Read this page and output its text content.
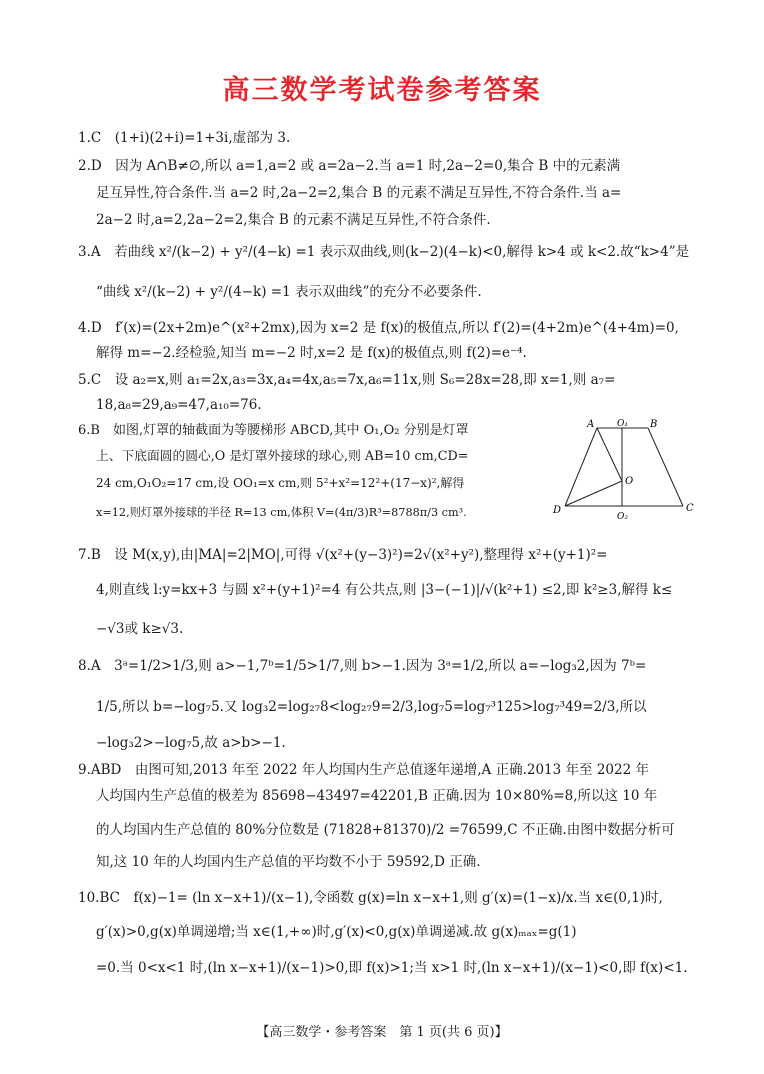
高三数学考试卷参考答案
1.C　(1+i)(2+i)=1+3i,虚部为 3.
2.D　因为 A∩B≠∅,所以 a=1,a=2 或 a=2a−2.当 a=1 时,2a−2=0,集合 B 中的元素满
足互异性,符合条件.当 a=2 时,2a−2=2,集合 B 的元素不满足互异性,不符合条件.当 a=
2a−2 时,a=2,2a−2=2,集合 B 的元素不满足互异性,不符合条件.
3.A　若曲线 x²/(k−2) + y²/(4−k) =1 表示双曲线,则(k−2)(4−k)<0,解得 k>4 或 k<2.故“k>4”是
“曲线 x²/(k−2) + y²/(4−k) =1 表示双曲线”的充分不必要条件.
4.D　f′(x)=(2x+2m)e^(x²+2mx),因为 x=2 是 f(x)的极值点,所以 f′(2)=(4+2m)e^(4+4m)=0,
解得 m=−2.经检验,知当 m=−2 时,x=2 是 f(x)的极值点,则 f(2)=e⁻⁴.
5.C　设 a₂=x,则 a₁=2x,a₃=3x,a₄=4x,a₅=7x,a₆=11x,则 S₆=28x=28,即 x=1,则 a₇=
18,a₈=29,a₉=47,a₁₀=76.
6.B　如图,灯罩的轴截面为等腰梯形 ABCD,其中 O₁,O₂ 分别是灯罩
上、下底面圆的圆心,O 是灯罩外接球的球心,则 AB=10 cm,CD=
24 cm,O₁O₂=17 cm,设 OO₁=x cm,则 5²+x²=12²+(17−x)²,解得
x=12,则灯罩外接球的半径 R=13 cm,体积 V=(4π/3)R³=8788π/3 cm³.
A	O₁ B
O
D
O₂
C
7.B　设 M(x,y),由|MA|=2|MO|,可得 √(x²+(y−3)²)=2√(x²+y²),整理得 x²+(y+1)²=
4,则直线 l:y=kx+3 与圆 x²+(y+1)²=4 有公共点,则 |3−(−1)|/√(k²+1) ≤2,即 k²≥3,解得 k≤
−√3或 k≥√3.
8.A　3ᵃ=1/2>1/3,则 a>−1,7ᵇ=1/5>1/7,则 b>−1.因为 3ᵃ=1/2,所以 a=−log₃2,因为 7ᵇ=
1/5,所以 b=−log₇5.又 log₃2=log₂₇8<log₂₇9=2/3,log₇5=log₇³125>log₇³49=2/3,所以
−log₃2>−log₇5,故 a>b>−1.
9.ABD　由图可知,2013 年至 2022 年人均国内生产总值逐年递增,A 正确.2013 年至 2022 年
人均国内生产总值的极差为 85698−43497=42201,B 正确.因为 10×80%=8,所以这 10 年
的人均国内生产总值的 80%分位数是 (71828+81370)/2 =76599,C 不正确.由图中数据分析可
知,这 10 年的人均国内生产总值的平均数不小于 59592,D 正确.
10.BC　f(x)−1= (ln x−x+1)/(x−1),令函数 g(x)=ln x−x+1,则 g′(x)=(1−x)/x.当 x∈(0,1)时,
g′(x)>0,g(x)单调递增;当 x∈(1,+∞)时,g′(x)<0,g(x)单调递减.故 g(x)ₘₐₓ=g(1)
=0.当 0<x<1 时,(ln x−x+1)/(x−1)>0,即 f(x)>1;当 x>1 时,(ln x−x+1)/(x−1)<0,即 f(x)<1.
【高三数学・参考答案　第 1 页(共 6 页)】
